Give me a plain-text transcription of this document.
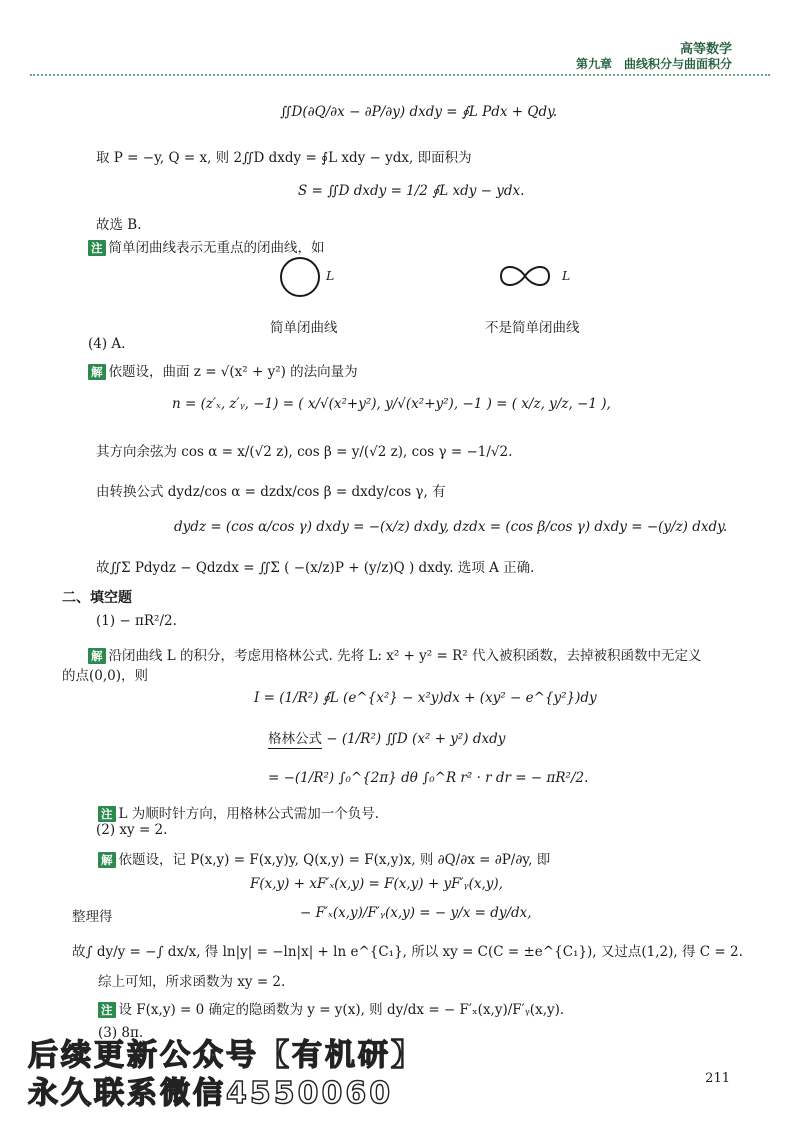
高等数学
第九章　曲线积分与曲面积分
∬D(∂Q/∂x − ∂P/∂y) dxdy = ∮L Pdx + Qdy.
取 P = −y, Q = x, 则 2∬D dxdy = ∮L xdy − ydx, 即面积为
S = ∬D dxdy = 1/2 ∮L xdy − ydx.
故选 B.
注 简单闭曲线表示无重点的闭曲线，如
L	L
简单闭曲线	不是简单闭曲线
(4) A.
解 依题设，曲面 z = √(x² + y²) 的法向量为
n = (z′ₓ, z′ᵧ, −1) = ( x/√(x²+y²), y/√(x²+y²), −1 ) = ( x/z, y/z, −1 ),
其方向余弦为 cos α = x/(√2 z), cos β = y/(√2 z), cos γ = −1/√2.
由转换公式 dydz/cos α = dzdx/cos β = dxdy/cos γ, 有
dydz = (cos α/cos γ) dxdy = −(x/z) dxdy, dzdx = (cos β/cos γ) dxdy = −(y/z) dxdy.
故∬Σ Pdydz − Qdzdx = ∬Σ ( −(x/z)P + (y/z)Q ) dxdy. 选项 A 正确.
二、填空题
(1) − πR²/2.
解 沿闭曲线 L 的积分，考虑用格林公式. 先将 L: x² + y² = R² 代入被积函数，去掉被积函数中无定义
的点(0,0)，则
I = (1/R²) ∮L (e^{x²} − x²y)dx + (xy² − e^{y²})dy
格林公式 − (1/R²) ∬D (x² + y²) dxdy
= −(1/R²) ∫₀^{2π} dθ ∫₀^R r² · r dr = − πR²/2.
注 L 为顺时针方向，用格林公式需加一个负号.
(2) xy = 2.
解 依题设，记 P(x,y) = F(x,y)y, Q(x,y) = F(x,y)x, 则 ∂Q/∂x = ∂P/∂y, 即
F(x,y) + xF′ₓ(x,y) = F(x,y) + yF′ᵧ(x,y),
整理得	− F′ₓ(x,y)/F′ᵧ(x,y) = − y/x = dy/dx,
故∫ dy/y = −∫ dx/x, 得 ln|y| = −ln|x| + ln e^{C₁}, 所以 xy = C(C = ±e^{C₁}), 又过点(1,2), 得 C = 2.
综上可知，所求函数为 xy = 2.
注 设 F(x,y) = 0 确定的隐函数为 y = y(x), 则 dy/dx = − F′ₓ(x,y)/F′ᵧ(x,y).
(3) 8π.
后续更新公众号【有机研】
永久联系微信4550060	211
